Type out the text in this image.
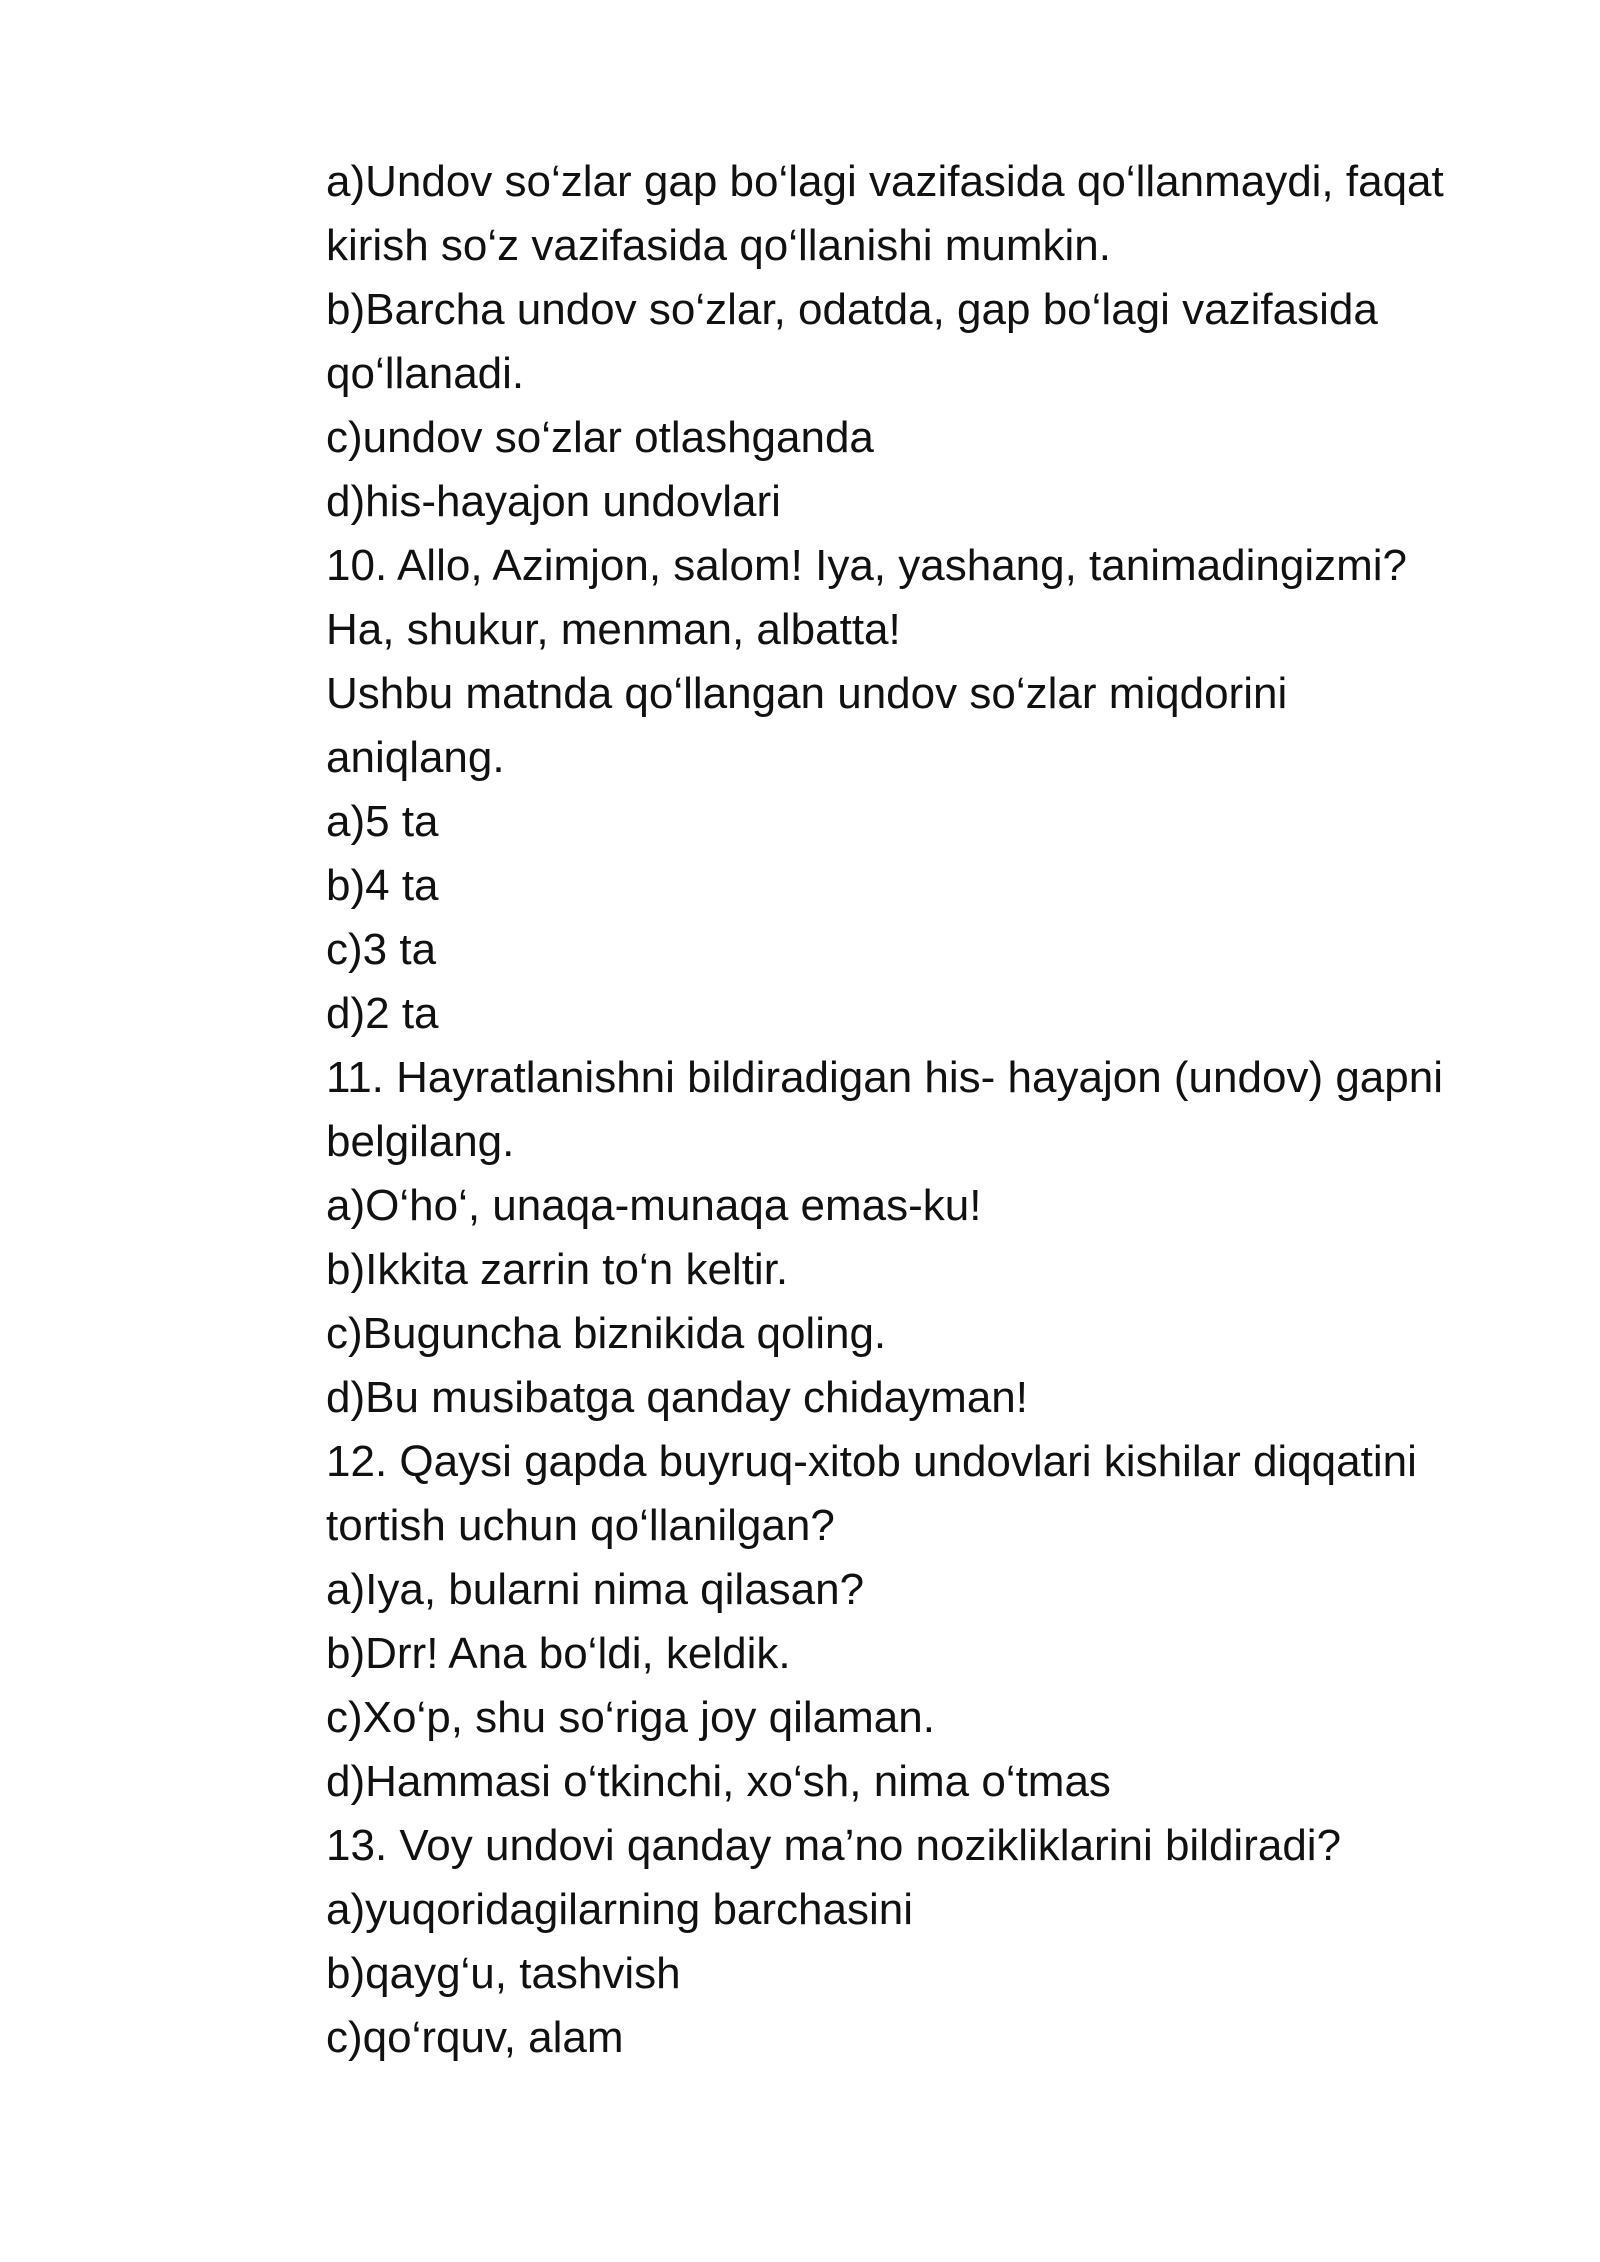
a)Undov so‘zlar gap bo‘lagi vazifasida qo‘llanmaydi, faqat
kirish so‘z vazifasida qo‘llanishi mumkin.
b)Barcha undov so‘zlar, odatda, gap bo‘lagi vazifasida
qo‘llanadi.
c)undov so‘zlar otlashganda
d)his-hayajon undovlari
10. Allo, Azimjon, salom! Iya, yashang, tanimadingizmi?
Ha, shukur, menman, albatta!
Ushbu matnda qo‘llangan undov so‘zlar miqdorini
aniqlang.
a)5 ta
b)4 ta
c)3 ta
d)2 ta
11. Hayratlanishni bildiradigan his- hayajon (undov) gapni
belgilang.
a)O‘ho‘, unaqa-munaqa emas-ku!
b)Ikkita zarrin to‘n keltir.
c)Buguncha biznikida qoling.
d)Bu musibatga qanday chidayman!
12. Qaysi gapda buyruq-xitob undovlari kishilar diqqatini
tortish uchun qo‘llanilgan?
a)Iya, bularni nima qilasan?
b)Drr! Ana bo‘ldi, keldik.
c)Xo‘p, shu so‘riga joy qilaman.
d)Hammasi o‘tkinchi, xo‘sh, nima o‘tmas
13. Voy undovi qanday ma’no nozikliklarini bildiradi?
a)yuqoridagilarning barchasini
b)qayg‘u, tashvish
c)qo‘rquv, alam
